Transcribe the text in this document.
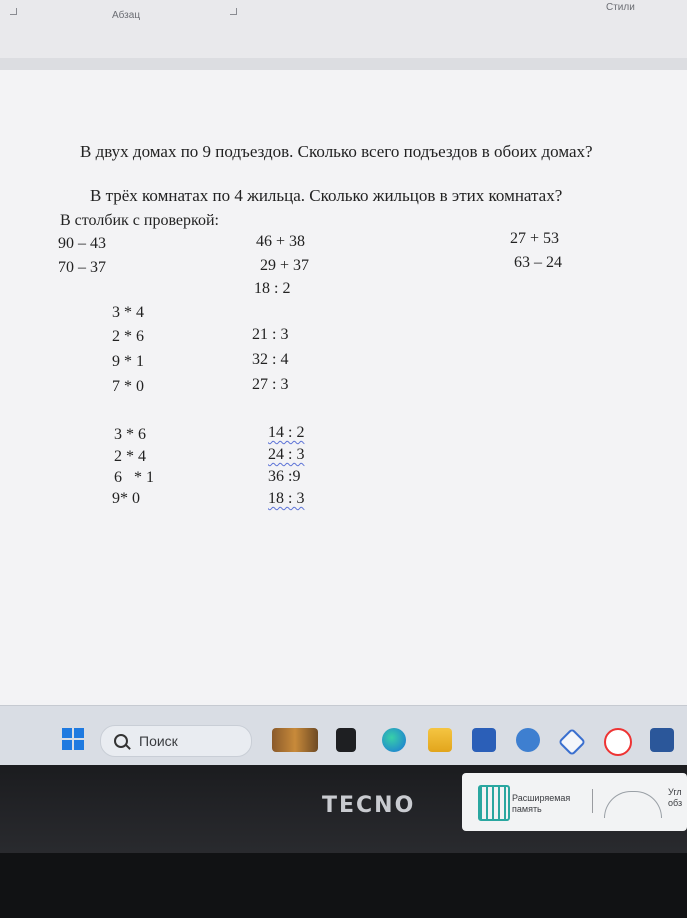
Абзац
Стили
В двух домах по 9 подъездов. Сколько всего подъездов в обоих домах?
В трёх комнатах по 4 жильца. Сколько жильцов в этих комнатах?
В столбик с проверкой:
90 – 43
70 – 37
46 + 38
29 + 37
18 : 2
27 + 53
63 – 24
3 * 4
2 * 6
9 * 1
7 * 0
21 : 3
32 : 4
27 : 3
3 * 6
2 * 4
6   * 1
9* 0
14 : 2
24 : 3
36 :9
18 : 3
Поиск
TECNO	Расширяемая
память
Угл
обз
